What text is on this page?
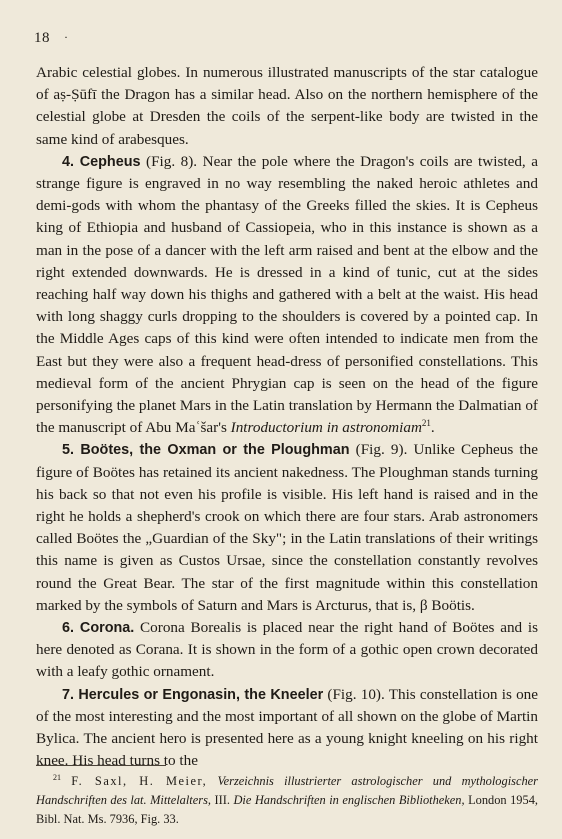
18 ·

Arabic celestial globes. In numerous illustrated manuscripts of the star catalogue of aṣ-Ṣūfī the Dragon has a similar head. Also on the northern hemisphere of the celestial globe at Dresden the coils of the serpent-like body are twisted in the same kind of arabesques.

4. Cepheus (Fig. 8). Near the pole where the Dragon's coils are twisted, a strange figure is engraved in no way resembling the naked heroic athletes and demi-gods with whom the phantasy of the Greeks filled the skies. It is Cepheus king of Ethiopia and husband of Cassiopeia, who in this instance is shown as a man in the pose of a dancer with the left arm raised and bent at the elbow and the right extended downwards. He is dressed in a kind of tunic, cut at the sides reaching half way down his thighs and gathered with a belt at the waist. His head with long shaggy curls dropping to the shoulders is covered by a pointed cap. In the Middle Ages caps of this kind were often intended to indicate men from the East but they were also a frequent head-dress of personified constellations. This medieval form of the ancient Phrygian cap is seen on the head of the figure personifying the planet Mars in the Latin translation by Hermann the Dalmatian of the manuscript of Abu Maʿšar's Introductorium in astronomiam$^{21}$.

5. Boötes, the Oxman or the Ploughman (Fig. 9). Unlike Cepheus the figure of Boötes has retained its ancient nakedness. The Ploughman stands turning his back so that not even his profile is visible. His left hand is raised and in the right he holds a shepherd's crook on which there are four stars. Arab astronomers called Boötes the „Guardian of the Sky"; in the Latin translations of their writings this name is given as Custos Ursae, since the constellation constantly revolves round the Great Bear. The star of the first magnitude within this constellation marked by the symbols of Saturn and Mars is Arcturus, that is, β Boötis.

6. Corona. Corona Borealis is placed near the right hand of Boötes and is here denoted as Corana. It is shown in the form of a gothic open crown decorated with a leafy gothic ornament.

7. Hercules or Engonasin, the Kneeler (Fig. 10). This constellation is one of the most interesting and the most important of all shown on the globe of Martin Bylica. The ancient hero is presented here as a young knight kneeling on his right knee. His head turns to the

$^{21}$ F. Saxl, H. Meier, Verzeichnis illustrierter astrologischer und mythologischer Handschriften des lat. Mittelalters, III. Die Handschriften in englischen Bibliotheken, London 1954, Bibl. Nat. Ms. 7936, Fig. 33.
